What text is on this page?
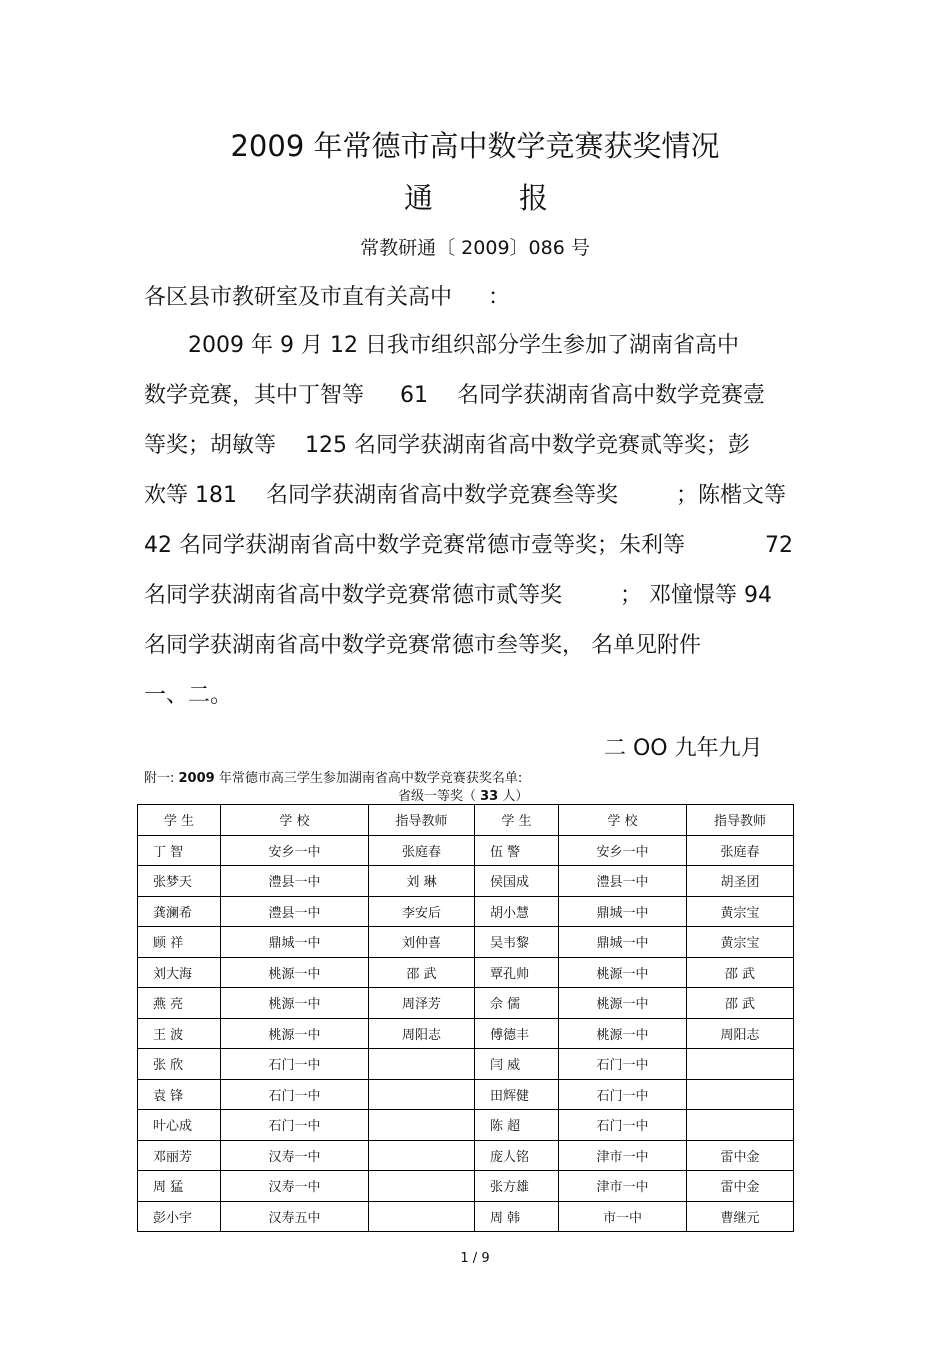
2009 年常德市高中数学竞赛获奖情况
通	报
常教研通〔 2009〕086 号
各区县市教研室及市直有关高中 　 ：
2009 年 9 月 12 日我市组织部分学生参加了湖南省高中
数学竞赛，其中丁智等 　 61 　名同学获湖南省高中数学竞赛壹
等奖；胡敏等 　125 名同学获湖南省高中数学竞赛贰等奖；彭
欢等 181 　名同学获湖南省高中数学竞赛叁等奖 　　 ；陈楷文等
42 名同学获湖南省高中数学竞赛常德市壹等奖；朱利等 　　 　72
名同学获湖南省高中数学竞赛常德市贰等奖 　　 ； 邓憧憬等 94
名同学获湖南省高中数学竞赛常德市叁等奖， 名单见附件
一、二。
二 OO 九年九月
附一: 2009 年常德市高三学生参加湖南省高中数学竞赛获奖名单:
省级一等奖（ 33 人）
学 生	学 校	指导教师	学 生	学 校	指导教师
丁 智	安乡一中	张庭春	伍 警	安乡一中	张庭春
张梦天	澧县一中	刘 琳	侯国成	澧县一中	胡圣团
龚澜希	澧县一中	李安后	胡小慧	鼎城一中	黄宗宝
顾 祥	鼎城一中	刘仲喜	吴韦黎	鼎城一中	黄宗宝
刘大海	桃源一中	邵 武	覃孔帅	桃源一中	邵 武
燕 亮	桃源一中	周泽芳	佘 儒	桃源一中	邵 武
王 波	桃源一中	周阳志	傅德丰	桃源一中	周阳志
张 欣	石门一中		闫 威	石门一中	
袁 锋	石门一中		田辉健	石门一中	
叶心成	石门一中		陈 超	石门一中	
邓丽芳	汉寿一中		庞人铭	津市一中	雷中金
周 猛	汉寿一中		张方雄	津市一中	雷中金
彭小宇	汉寿五中		周 韩	市一中	曹继元
1 / 9
